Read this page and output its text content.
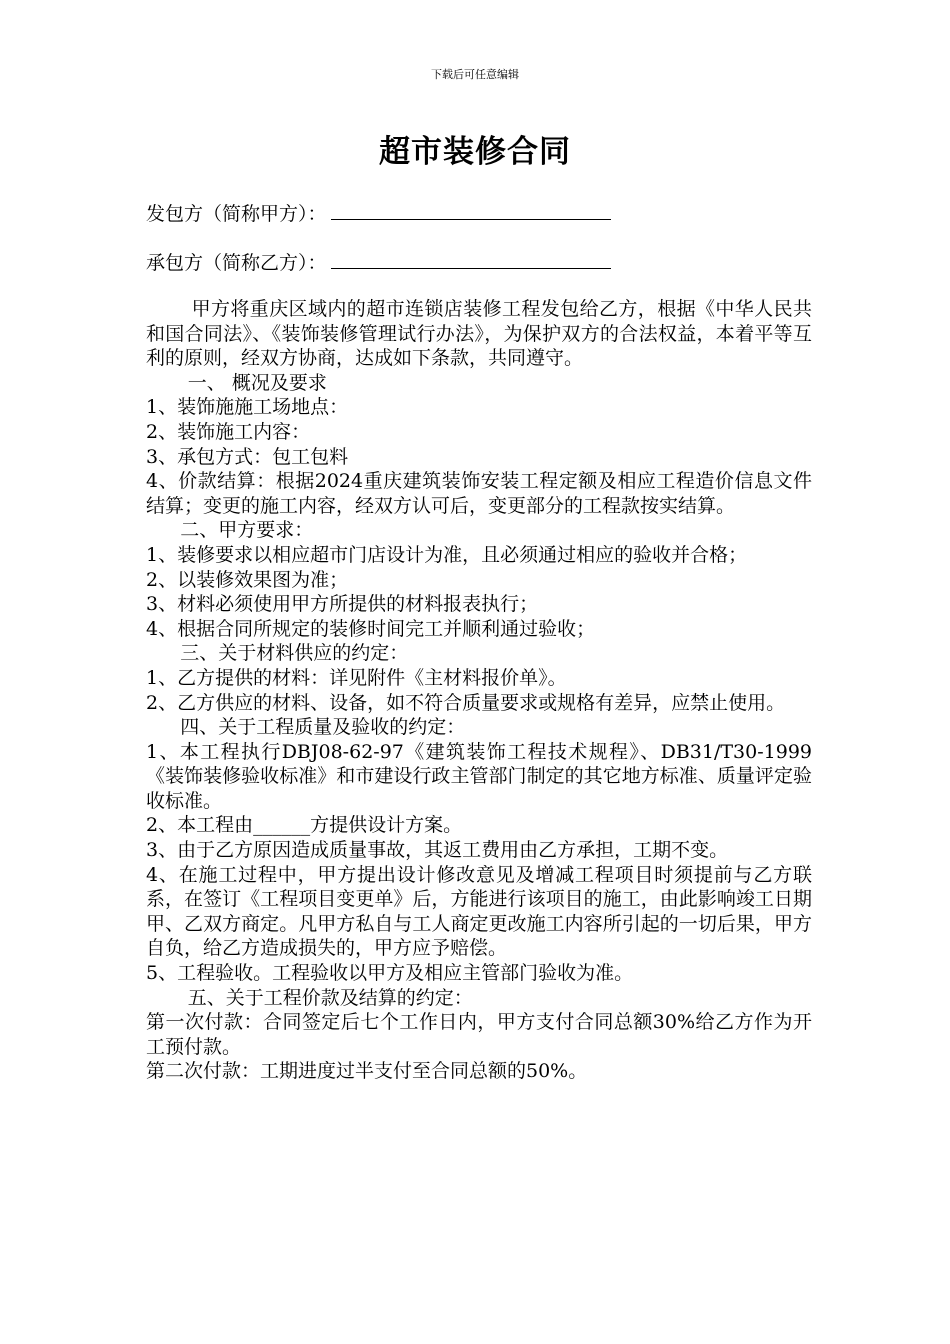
下载后可任意编辑
超市装修合同
发包方（简称甲方）：
承包方（简称乙方）：

甲方将重庆区域内的超市连锁店装修工程发包给乙方，根据《中华人民共和国合同法》、《装饰装修管理试行办法》，为保护双方的合法权益，本着平等互利的原则，经双方协商，达成如下条款，共同遵守。

一、 概况及要求

1、装饰施施工场地点：

2、装饰施工内容：

3、承包方式：包工包料

4、价款结算：根据2024重庆建筑装饰安装工程定额及相应工程造价信息文件结算；变更的施工内容，经双方认可后，变更部分的工程款按实结算。

二、甲方要求：

1、装修要求以相应超市门店设计为准，且必须通过相应的验收并合格；

2、以装修效果图为准；

3、材料必须使用甲方所提供的材料报表执行；

4、根据合同所规定的装修时间完工并顺利通过验收；

三、关于材料供应的约定：

1、乙方提供的材料：详见附件《主材料报价单》。

2、乙方供应的材料、设备，如不符合质量要求或规格有差异，应禁止使用。

四、关于工程质量及验收的约定：

1、本工程执行DBJ08-62-97《建筑装饰工程技术规程》、DB31/T30-1999《装饰装修验收标准》和市建设行政主管部门制定的其它地方标准、质量评定验收标准。

2、本工程由______方提供设计方案。

3、由于乙方原因造成质量事故，其返工费用由乙方承担，工期不变。

4、在施工过程中，甲方提出设计修改意见及增减工程项目时须提前与乙方联系，在签订《工程项目变更单》后，方能进行该项目的施工，由此影响竣工日期甲、乙双方商定。凡甲方私自与工人商定更改施工内容所引起的一切后果，甲方自负，给乙方造成损失的，甲方应予赔偿。

5、工程验收。工程验收以甲方及相应主管部门验收为准。

五、关于工程价款及结算的约定：

第一次付款：合同签定后七个工作日内，甲方支付合同总额30%给乙方作为开工预付款。

第二次付款：工期进度过半支付至合同总额的50%。
